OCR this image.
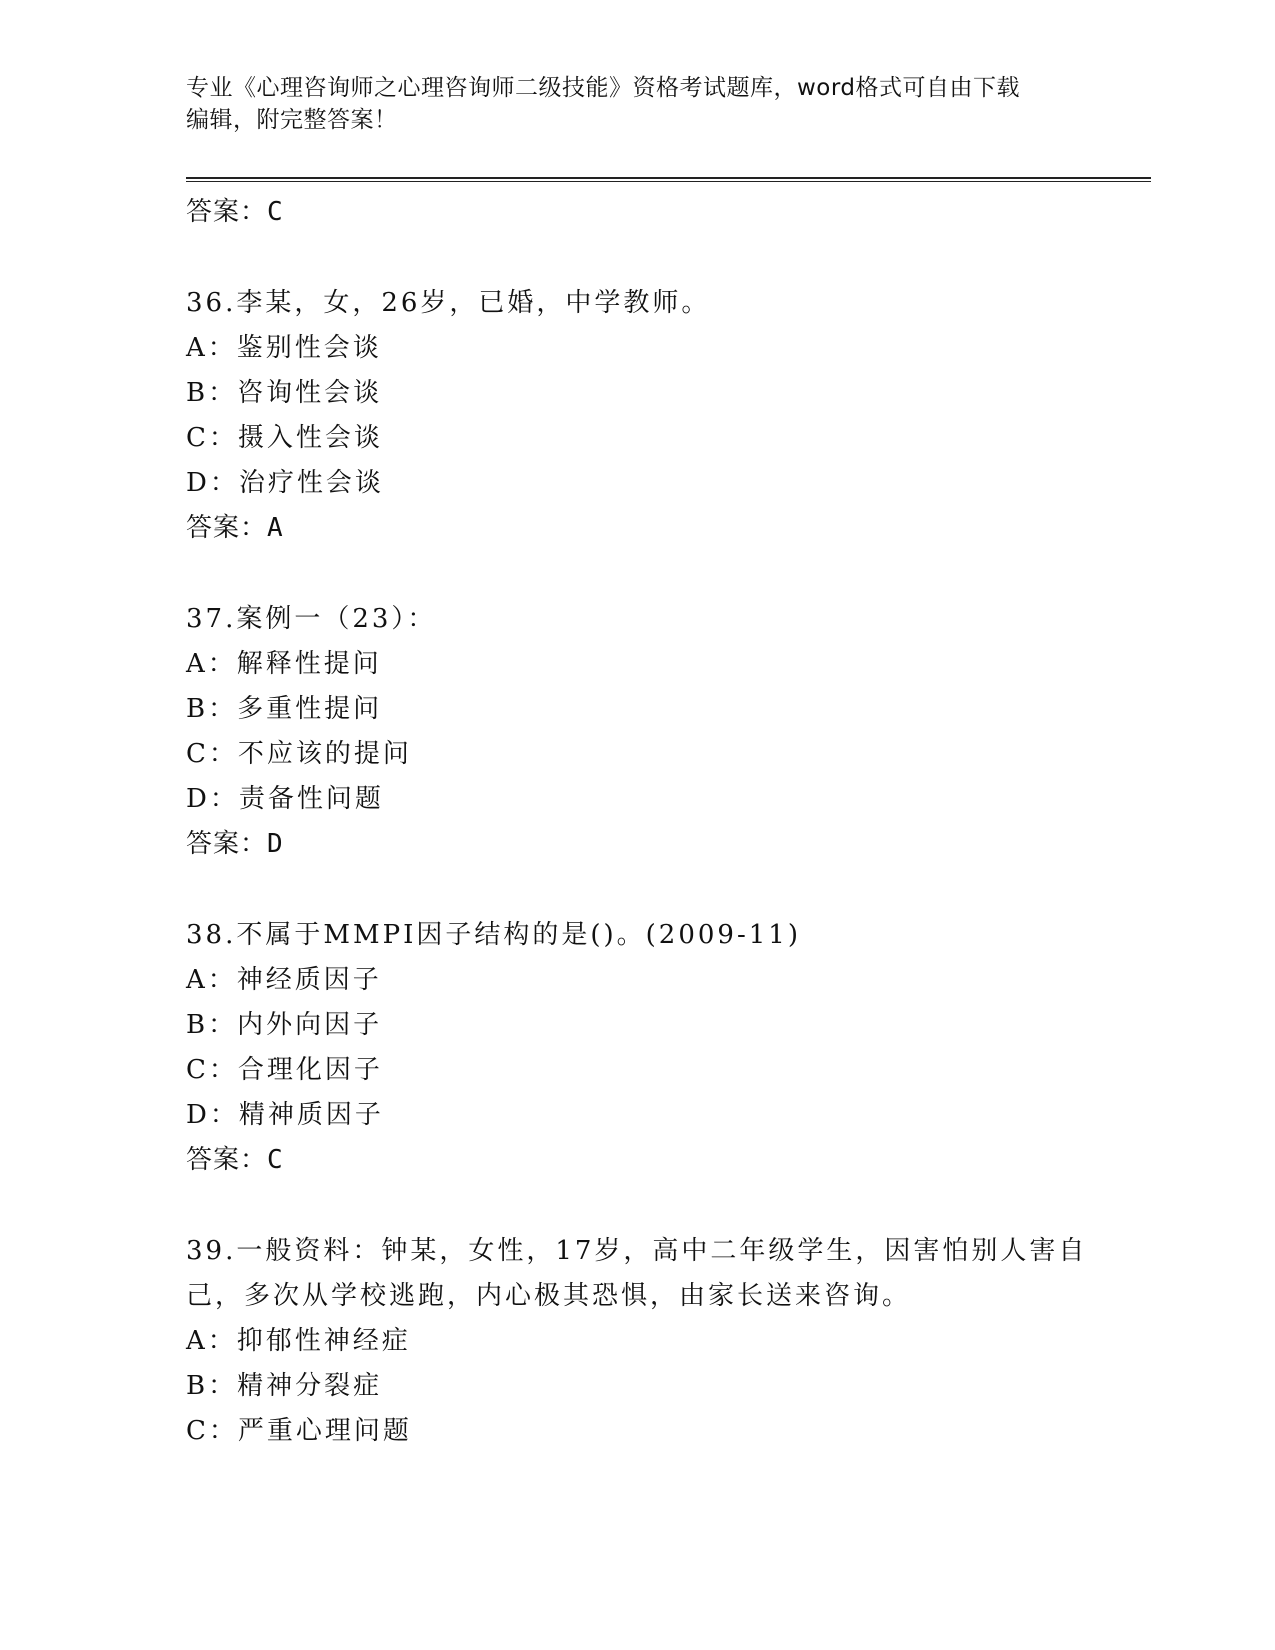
专业《心理咨询师之心理咨询师二级技能》资格考试题库，word格式可自由下载
编辑，附完整答案！
答案：C
36.李某，女，26岁，已婚，中学教师。
A：鉴别性会谈
B：咨询性会谈
C：摄入性会谈
D：治疗性会谈
答案：A
37.案例一（23）：
A：解释性提问
B：多重性提问
C：不应该的提问
D：责备性问题
答案：D
38.不属于MMPI因子结构的是()。(2009-11)
A：神经质因子
B：内外向因子
C：合理化因子
D：精神质因子
答案：C
39.一般资料：钟某，女性，17岁，高中二年级学生，因害怕别人害自
己，多次从学校逃跑，内心极其恐惧，由家长送来咨询。
A：抑郁性神经症
B：精神分裂症
C：严重心理问题
